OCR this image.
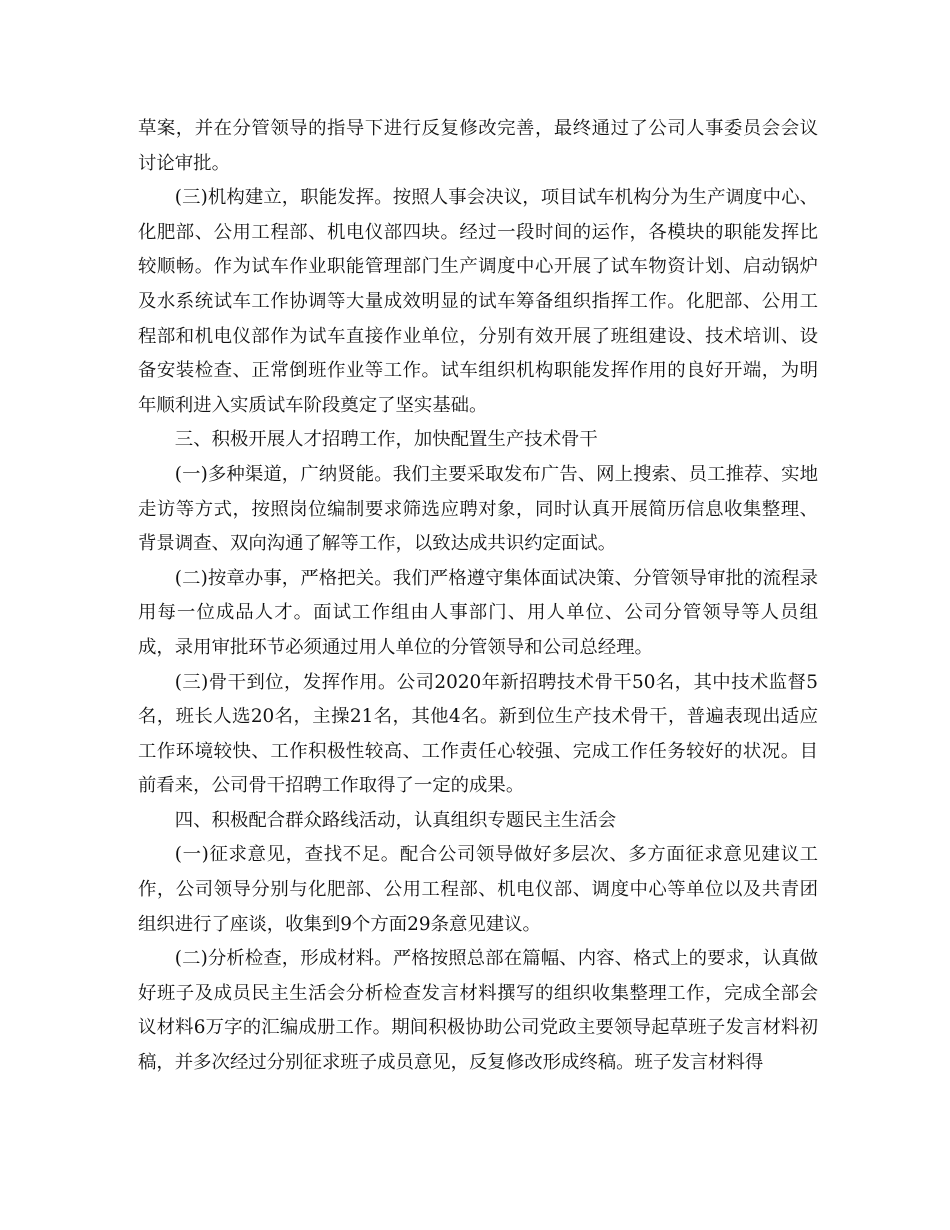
草案，并在分管领导的指导下进行反复修改完善，最终通过了公司人事委员会会议讨论审批。

(三)机构建立，职能发挥。按照人事会决议，项目试车机构分为生产调度中心、化肥部、公用工程部、机电仪部四块。经过一段时间的运作，各模块的职能发挥比较顺畅。作为试车作业职能管理部门生产调度中心开展了试车物资计划、启动锅炉及水系统试车工作协调等大量成效明显的试车筹备组织指挥工作。化肥部、公用工程部和机电仪部作为试车直接作业单位，分别有效开展了班组建设、技术培训、设备安装检查、正常倒班作业等工作。试车组织机构职能发挥作用的良好开端，为明年顺利进入实质试车阶段奠定了坚实基础。

三、积极开展人才招聘工作，加快配置生产技术骨干

(一)多种渠道，广纳贤能。我们主要采取发布广告、网上搜索、员工推荐、实地走访等方式，按照岗位编制要求筛选应聘对象，同时认真开展简历信息收集整理、背景调查、双向沟通了解等工作，以致达成共识约定面试。

(二)按章办事，严格把关。我们严格遵守集体面试决策、分管领导审批的流程录用每一位成品人才。面试工作组由人事部门、用人单位、公司分管领导等人员组成，录用审批环节必须通过用人单位的分管领导和公司总经理。

(三)骨干到位，发挥作用。公司2020年新招聘技术骨干50名，其中技术监督5名，班长人选20名，主操21名，其他4名。新到位生产技术骨干，普遍表现出适应工作环境较快、工作积极性较高、工作责任心较强、完成工作任务较好的状况。目前看来，公司骨干招聘工作取得了一定的成果。

四、积极配合群众路线活动，认真组织专题民主生活会

(一)征求意见，查找不足。配合公司领导做好多层次、多方面征求意见建议工作，公司领导分别与化肥部、公用工程部、机电仪部、调度中心等单位以及共青团组织进行了座谈，收集到9个方面29条意见建议。

(二)分析检查，形成材料。严格按照总部在篇幅、内容、格式上的要求，认真做好班子及成员民主生活会分析检查发言材料撰写的组织收集整理工作，完成全部会议材料6万字的汇编成册工作。期间积极协助公司党政主要领导起草班子发言材料初稿，并多次经过分别征求班子成员意见，反复修改形成终稿。班子发言材料得
